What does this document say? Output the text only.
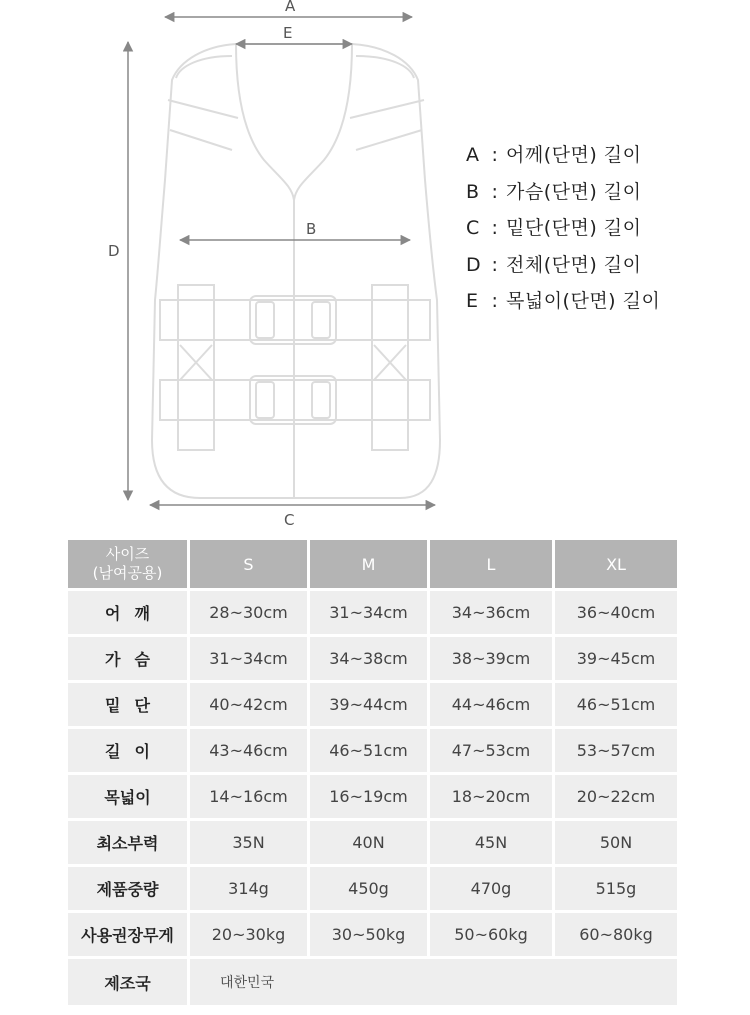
A
E
B
C
D
A : 어께(단면) 길이
B : 가슴(단면) 길이
C : 밑단(단면) 길이
D : 전체(단면) 길이
E : 목넓이(단면) 길이
사이즈
(남여공용)	S	M	L	XL
어깨	28~30cm	31~34cm	34~36cm	36~40cm
가슴	31~34cm	34~38cm	38~39cm	39~45cm
밑단	40~42cm	39~44cm	44~46cm	46~51cm
길이	43~46cm	46~51cm	47~53cm	53~57cm
목넓이	14~16cm	16~19cm	18~20cm	20~22cm
최소부력	35N	40N	45N	50N
제품중량	314g	450g	470g	515g
사용권장무게	20~30kg	30~50kg	50~60kg	60~80kg
제조국	대한민국
